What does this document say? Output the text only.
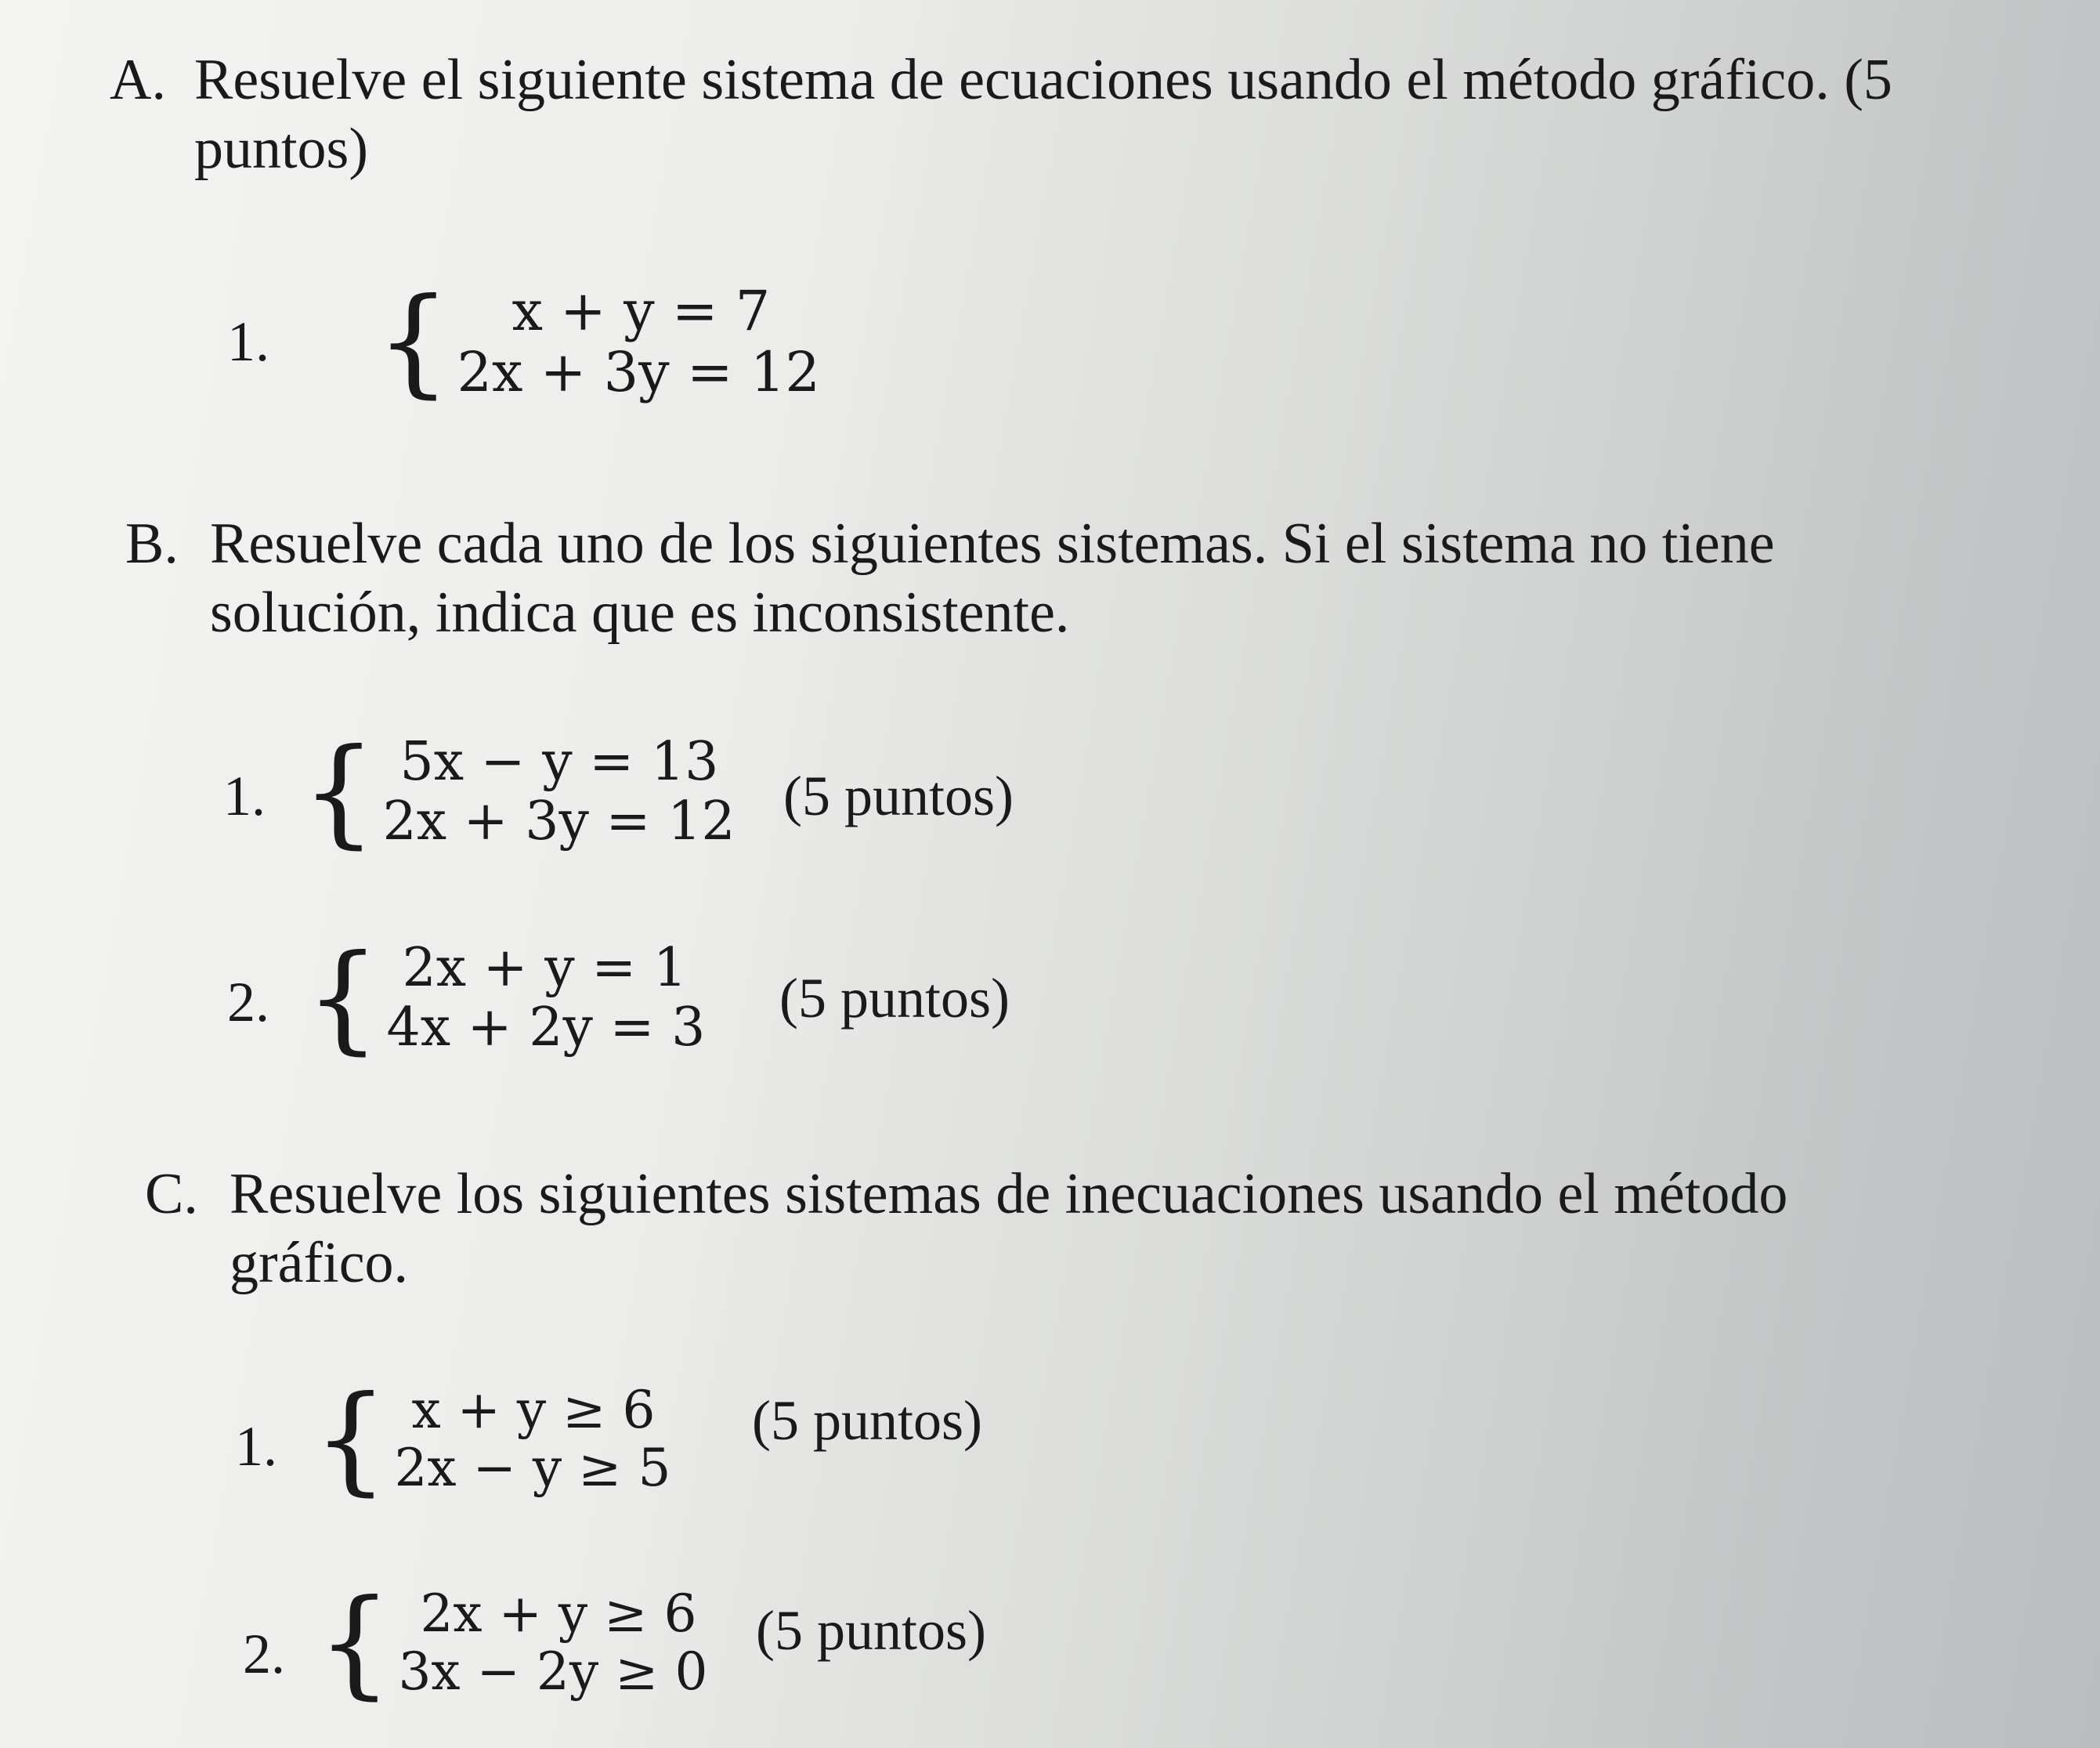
A. Resuelve el siguiente sistema de ecuaciones usando el método gráfico. (5
puntos)
1. {	x + y = 7
2x + 3y = 12
B. Resuelve cada uno de los siguientes sistemas. Si el sistema no tiene
solución, indica que es inconsistente.
1. { 5x − y = 13
2x + 3y = 12 (5 puntos)
2. { 2x + y = 1
4x + 2y = 3 (5 puntos)
C. Resuelve los siguientes sistemas de inecuaciones usando el método
gráfico.
1. { x + y ≥ 6
2x − y ≥ 5
(5 puntos)
2. { 2x + y ≥ 6
3x − 2y ≥ 0
(5 puntos)
